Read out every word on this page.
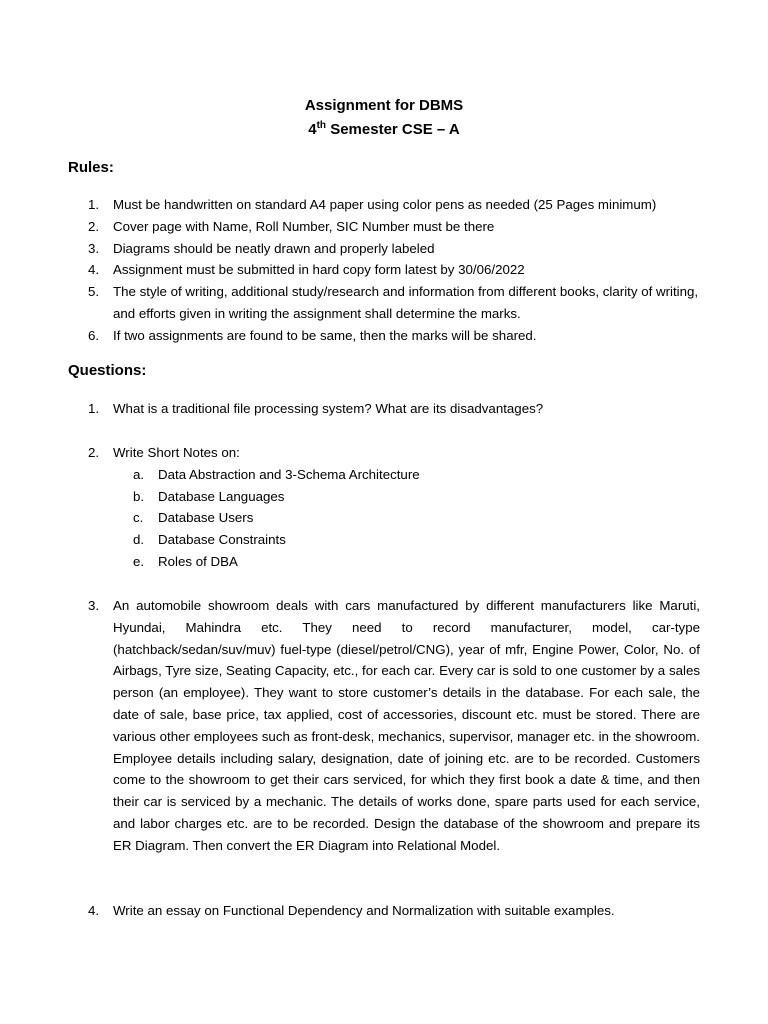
Assignment for DBMS
4th Semester CSE – A
Rules:
1. Must be handwritten on standard A4 paper using color pens as needed (25 Pages minimum)
2. Cover page with Name, Roll Number, SIC Number must be there
3. Diagrams should be neatly drawn and properly labeled
4. Assignment must be submitted in hard copy form latest by 30/06/2022
5. The style of writing, additional study/research and information from different books, clarity of writing, and efforts given in writing the assignment shall determine the marks.
6. If two assignments are found to be same, then the marks will be shared.
Questions:
1.	What is a traditional file processing system? What are its disadvantages?
2.	Write Short Notes on:
a. Data Abstraction and 3-Schema Architecture
b. Database Languages
c. Database Users
d. Database Constraints
e. Roles of DBA
3.	An automobile showroom deals with cars manufactured by different manufacturers like Maruti, Hyundai, Mahindra etc. They need to record manufacturer, model, car-type (hatchback/sedan/suv/muv) fuel-type (diesel/petrol/CNG), year of mfr, Engine Power, Color, No. of Airbags, Tyre size, Seating Capacity, etc., for each car. Every car is sold to one customer by a sales person (an employee). They want to store customer’s details in the database. For each sale, the date of sale, base price, tax applied, cost of accessories, discount etc. must be stored. There are various other employees such as front-desk, mechanics, supervisor, manager etc. in the showroom. Employee details including salary, designation, date of joining etc. are to be recorded. Customers come to the showroom to get their cars serviced, for which they first book a date & time, and then their car is serviced by a mechanic. The details of works done, spare parts used for each service, and labor charges etc. are to be recorded. Design the database of the showroom and prepare its ER Diagram. Then convert the ER Diagram into Relational Model.
4.	Write an essay on Functional Dependency and Normalization with suitable examples.
